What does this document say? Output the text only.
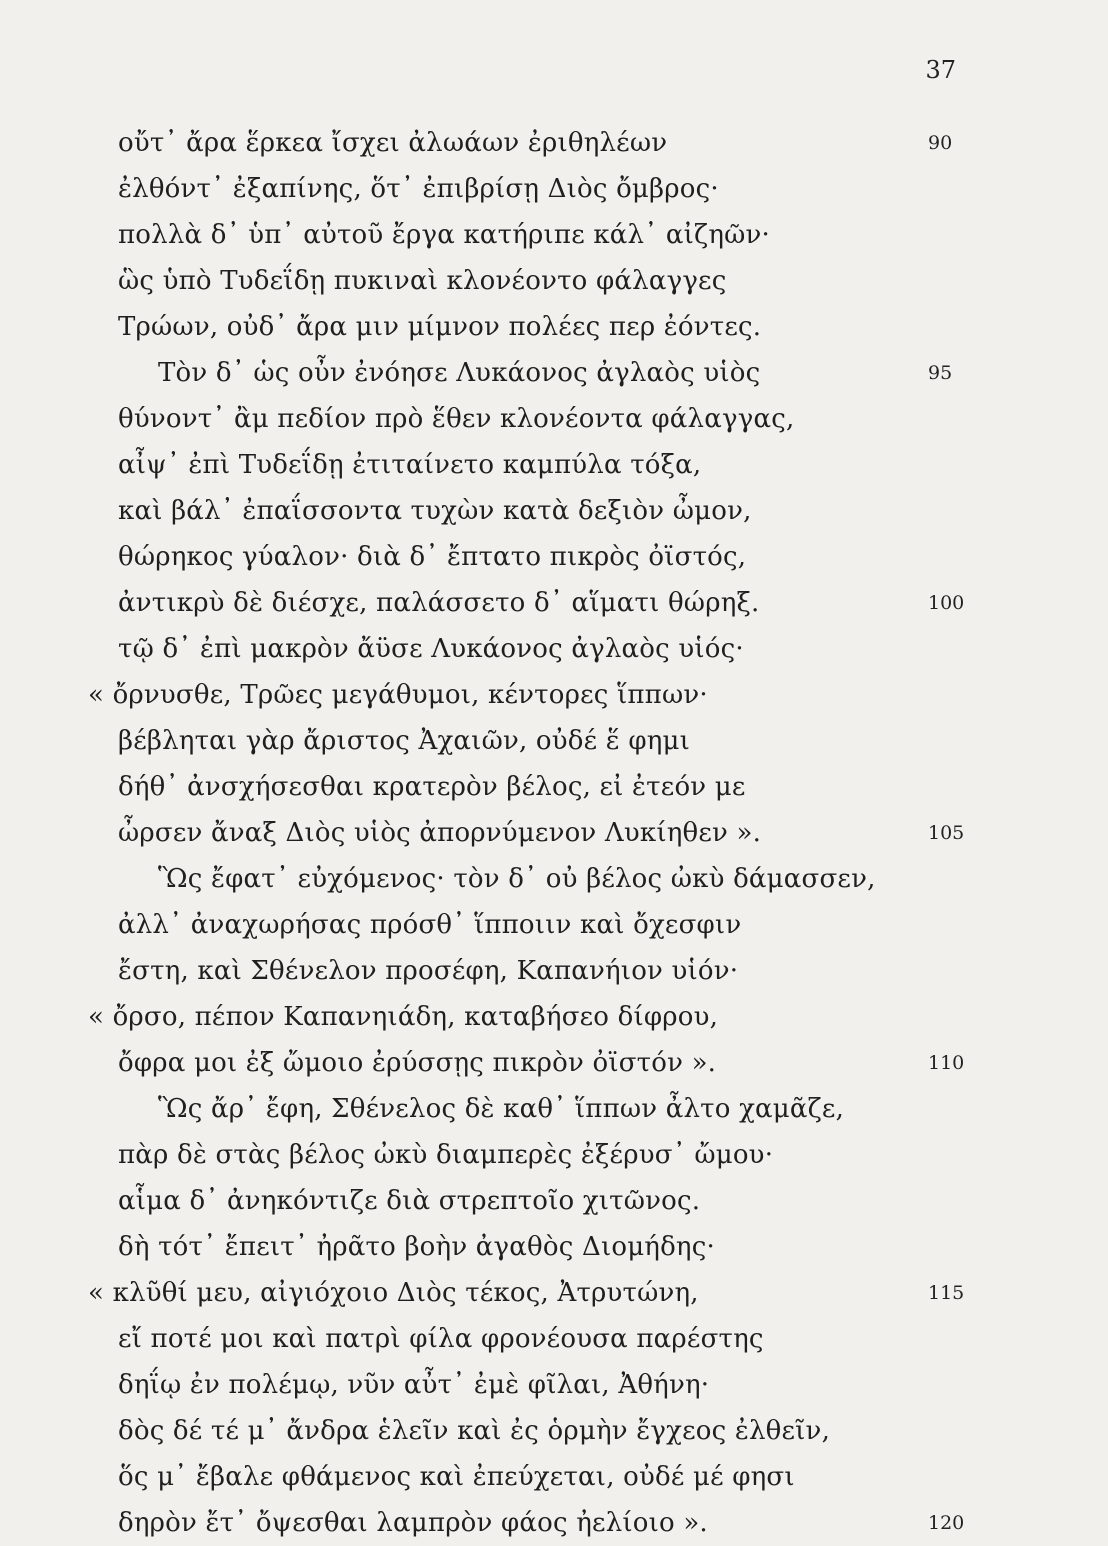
37
οὔτ᾽ ἄρα ἕρκεα ἴσχει ἀλωάων ἐριθηλέων	90
ἐλθόντ᾽ ἐξαπίνης, ὅτ᾽ ἐπιβρίσῃ Διὸς ὄμβρος·
πολλὰ δ᾽ ὑπ᾽ αὐτοῦ ἔργα κατήριπε κάλ᾽ αἰζηῶν·
ὣς ὑπὸ Τυδεΐδῃ πυκιναὶ κλονέοντο φάλαγγες
Τρώων, οὐδ᾽ ἄρα μιν μίμνον πολέες περ ἐόντες.
Τὸν δ᾽ ὡς οὖν ἐνόησε Λυκάονος ἀγλαὸς υἱὸς	95
θύνοντ᾽ ἂμ πεδίον πρὸ ἕθεν κλονέοντα φάλαγγας,
αἶψ᾽ ἐπὶ Τυδεΐδῃ ἐτιταίνετο καμπύλα τόξα,
καὶ βάλ᾽ ἐπαΐσσοντα τυχὼν κατὰ δεξιὸν ὦμον,
θώρηκος γύαλον· διὰ δ᾽ ἔπτατο πικρὸς ὀϊστός,
ἀντικρὺ δὲ διέσχε, παλάσσετο δ᾽ αἵματι θώρηξ.	100
τῷ δ᾽ ἐπὶ μακρὸν ἄϋσε Λυκάονος ἀγλαὸς υἱός·
« ὄρνυσθε, Τρῶες μεγάθυμοι, κέντορες ἵππων·
βέβληται γὰρ ἄριστος Ἀχαιῶν, οὐδέ ἕ φημι
δήθ᾽ ἀνσχήσεσθαι κρατερὸν βέλος, εἰ ἐτεόν με
ὦρσεν ἄναξ Διὸς υἱὸς ἀπορνύμενον Λυκίηθεν ».	105
Ὣς ἔφατ᾽ εὐχόμενος· τὸν δ᾽ οὐ βέλος ὠκὺ δάμασσεν,
ἀλλ᾽ ἀναχωρήσας πρόσθ᾽ ἵπποιιν καὶ ὄχεσφιν
ἔστη, καὶ Σθένελον προσέφη, Καπανήιον υἱόν·
« ὄρσο, πέπον Καπανηιάδη, καταβήσεο δίφρου,
ὄφρα μοι ἐξ ὤμοιο ἐρύσσῃς πικρὸν ὀϊστόν ».	110
Ὣς ἄρ᾽ ἔφη, Σθένελος δὲ καθ᾽ ἵππων ἆλτο χαμᾶζε,
πὰρ δὲ στὰς βέλος ὠκὺ διαμπερὲς ἐξέρυσ᾽ ὤμου·
αἷμα δ᾽ ἀνηκόντιζε διὰ στρεπτοῖο χιτῶνος.
δὴ τότ᾽ ἔπειτ᾽ ἠρᾶτο βοὴν ἀγαθὸς Διομήδης·
« κλῦθί μευ, αἰγιόχοιο Διὸς τέκος, Ἀτρυτώνη,	115
εἴ ποτέ μοι καὶ πατρὶ φίλα φρονέουσα παρέστης
δηΐῳ ἐν πολέμῳ, νῦν αὖτ᾽ ἐμὲ φῖλαι, Ἀθήνη·
δὸς δέ τέ μ᾽ ἄνδρα ἑλεῖν καὶ ἐς ὁρμὴν ἔγχεος ἐλθεῖν,
ὅς μ᾽ ἔβαλε φθάμενος καὶ ἐπεύχεται, οὐδέ μέ φησι
δηρὸν ἔτ᾽ ὄψεσθαι λαμπρὸν φάος ἠελίοιο ».	120
